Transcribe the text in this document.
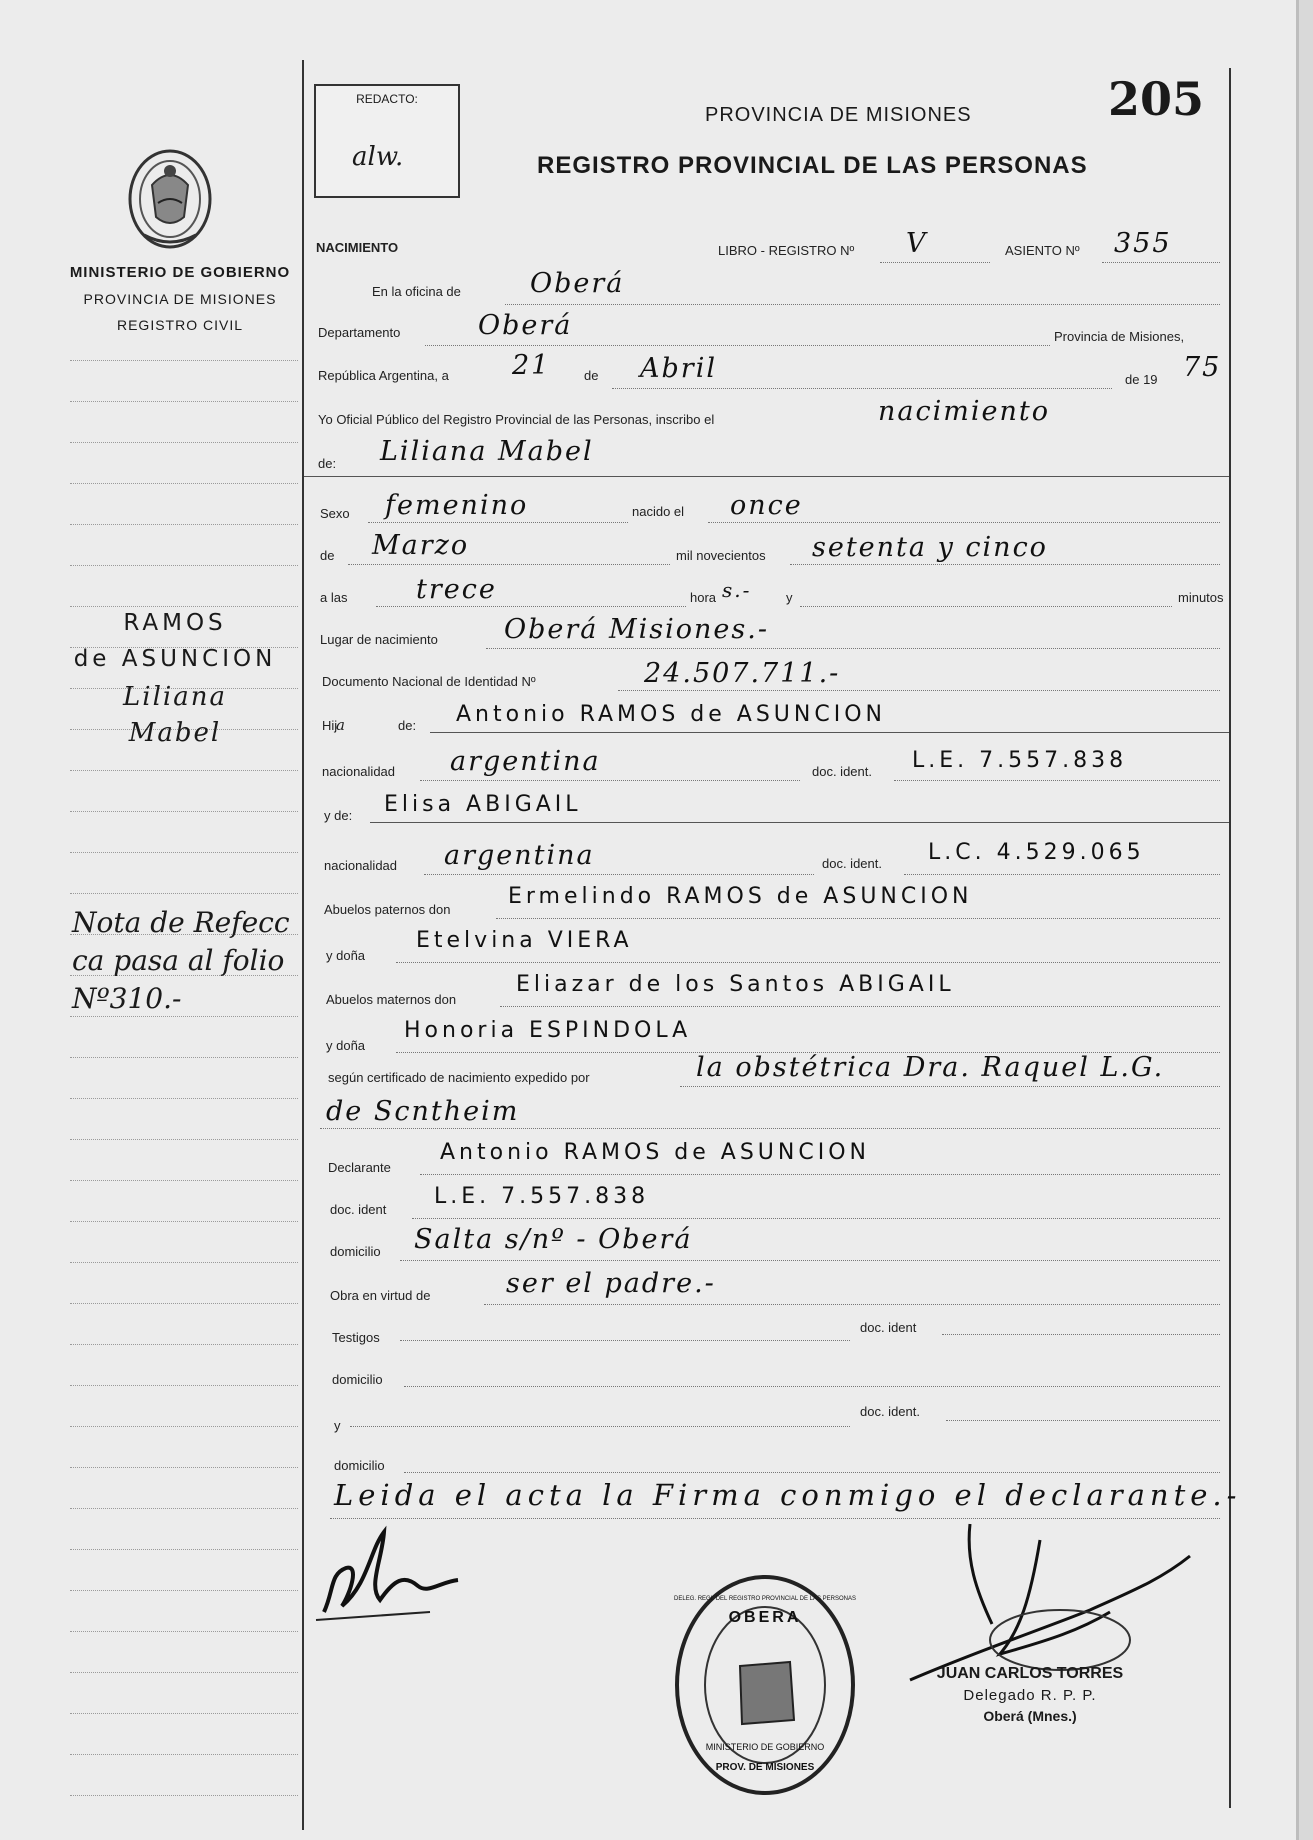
REDACTO:
alw.
205
PROVINCIA DE MISIONES
REGISTRO PROVINCIAL DE LAS PERSONAS
MINISTERIO DE GOBIERNO
PROVINCIA DE MISIONES
REGISTRO CIVIL
RAMOS
de ASUNCION
Liliana
Mabel
Nota de Refecc
ca pasa al folio
Nº310.-
NACIMIENTO	LIBRO - REGISTRO Nº V	ASIENTO Nº 355
En la oficina de	Oberá
Departamento	Oberá	Provincia de Misiones,
República Argentina, a 21	de Abril	de 19 75
Yo Oficial Público del Registro Provincial de las Personas, inscribo el	nacimiento
de: Liliana Mabel
Sexo femenino	nacido el once
de Marzo	mil novecientos setenta y cinco
a las	trece	hora s.-	y	minutos
Lugar de nacimiento Oberá Misiones.-
Documento Nacional de Identidad Nº	24.507.711.-
Hij
a	de: Antonio RAMOS de ASUNCION
nacionalidad argentina	doc. ident. L.E. 7.557.838
y de: Elisa ABIGAIL
nacionalidad argentina	doc. ident. L.C. 4.529.065
Abuelos paternos don
Ermelindo RAMOS de ASUNCION
y doña
Etelvina VIERA
Abuelos maternos don
Eliazar de los Santos ABIGAIL
y doña
Honoria ESPINDOLA
según certificado de nacimiento expedido por	la obstétrica Dra. Raquel L.G.
de Scntheim
Declarante
Antonio RAMOS de ASUNCION
doc. ident
L.E. 7.557.838
domicilio Salta s/nº - Oberá
Obra en virtud de	ser el padre.-
Testigos
doc. ident
domicilio
y
doc. ident.
domicilio
Leida el acta la Firma conmigo el declarante.-
OBERA
PROV. DE MISIONES
MINISTERIO DE GOBIERNO
DELEG. REGI. DEL REGISTRO PROVINCIAL DE LAS PERSONAS
JUAN CARLOS TORRES
Delegado R. P. P.
Oberá (Mnes.)
